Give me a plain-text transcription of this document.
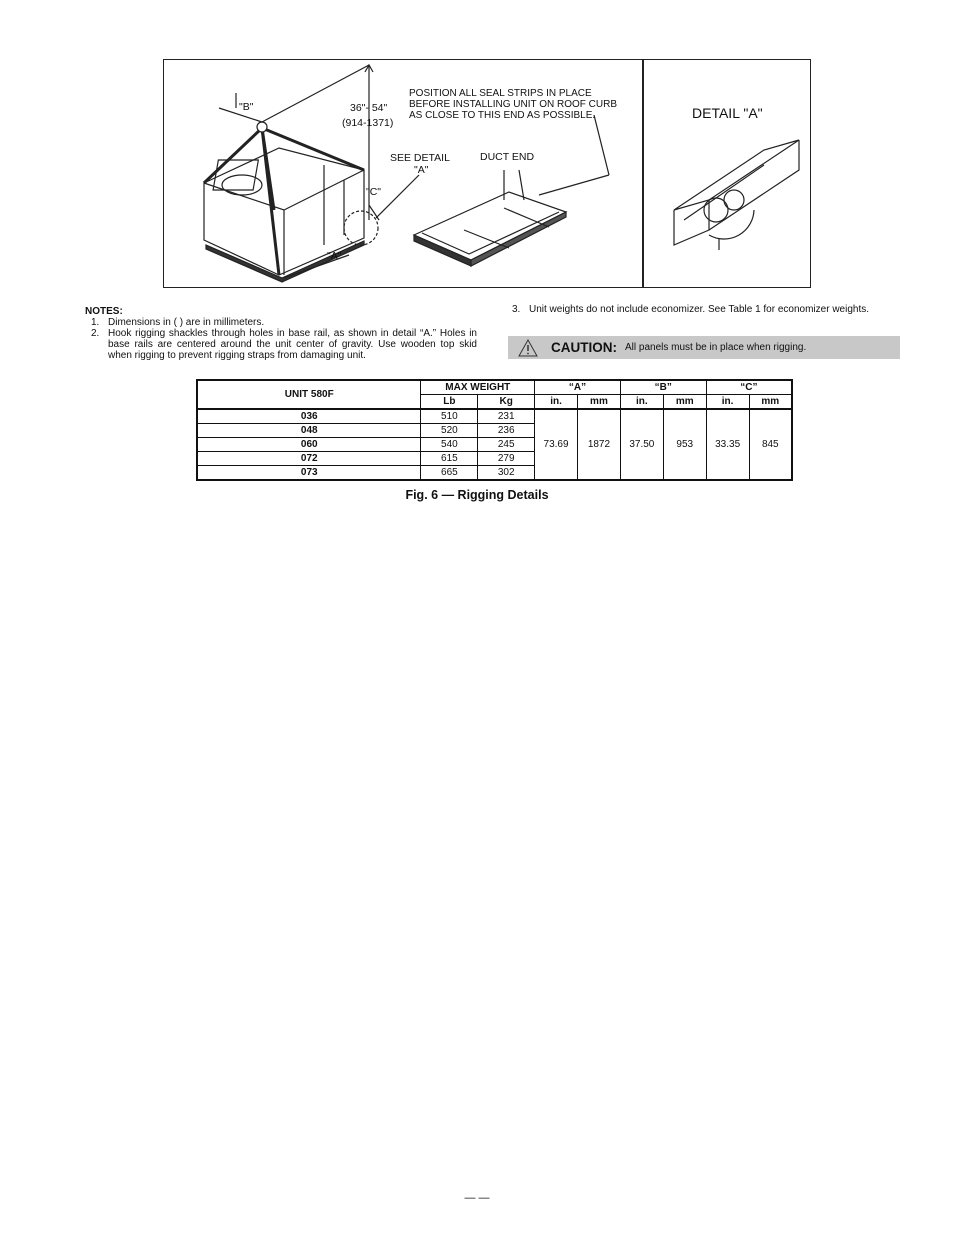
"B"	36"- 54"
(914-1371)
POSITION ALL SEAL STRIPS IN PLACE
BEFORE INSTALLING UNIT ON ROOF CURB
AS CLOSE TO THIS END AS POSSIBLE.
SEE DETAIL
"A"
DUCT END
"C"
"A"
DETAIL "A"
NOTES:
1. Dimensions in ( ) are in millimeters.
2. Hook rigging shackles through holes in base rail, as shown in detail “A.” Holes in base rails are centered around the unit center of gravity. Use wooden top skid when rigging to prevent rigging straps from damaging unit.
3. Unit weights do not include economizer. See Table 1 for economizer weights.
CAUTION: All panels must be in place when rigging.
UNIT 580F	MAX WEIGHT		“A”		“B”		“C”	
	Lb	Kg	in.	mm	in.	mm	in.	mm
036	510	231	73.69	1872	37.50	953	33.35	845
048	520	236						
060	540	245						
072	615	279						
073	665	302						
Fig. 6 — Rigging Details
— —
